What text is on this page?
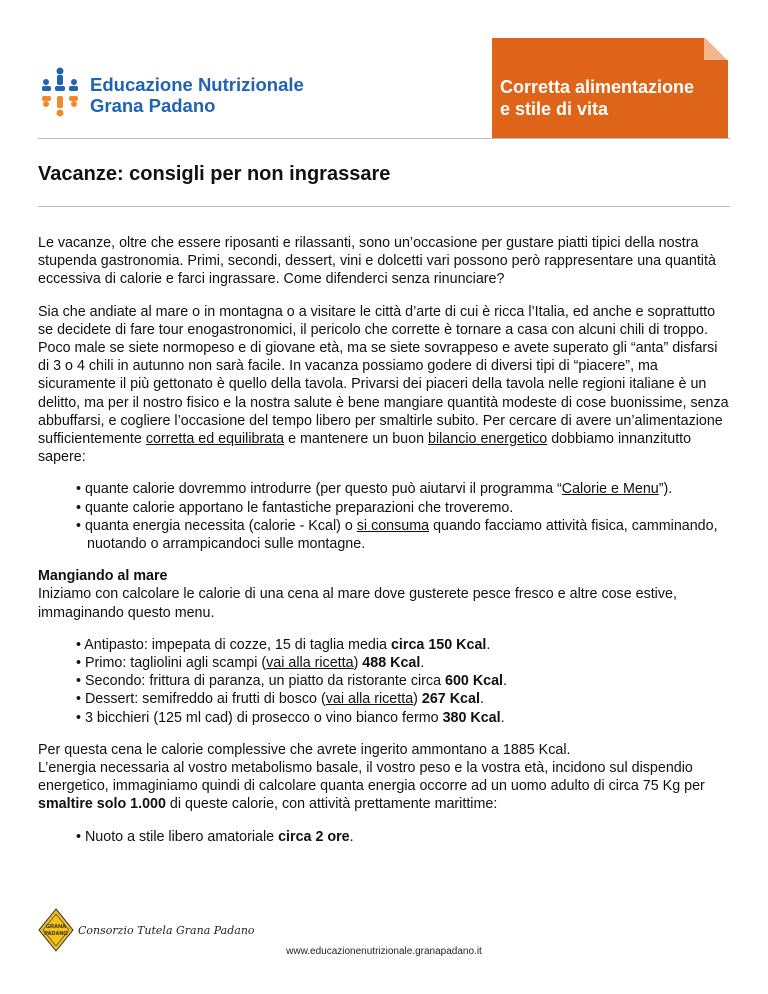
Educazione Nutrizionale
Grana Padano
Corretta alimentazione
e stile di vita
Vacanze: consigli per non ingrassare

Le vacanze, oltre che essere riposanti e rilassanti, sono un’occasione per gustare piatti tipici della nostra stupenda gastronomia. Primi, secondi, dessert, vini e dolcetti vari possono però rappresentare una quantità eccessiva di calorie e farci ingrassare. Come difenderci senza rinunciare?

Sia che andiate al mare o in montagna o a visitare le città d’arte di cui è ricca l’Italia, ed anche e soprattutto se decidete di fare tour enogastronomici, il pericolo che corrette è tornare a casa con alcuni chili di troppo. Poco male se siete normopeso e di giovane età, ma se siete sovrappeso e avete superato gli “anta” disfarsi di 3 o 4 chili in autunno non sarà facile. In vacanza possiamo godere di diversi tipi di “piacere”, ma sicuramente il più gettonato è quello della tavola. Privarsi dei piaceri della tavola nelle regioni italiane è un delitto, ma per il nostro fisico e la nostra salute è bene mangiare quantità modeste di cose buonissime, senza abbuffarsi, e cogliere l’occasione del tempo libero per smaltirle subito. Per cercare di avere un’alimentazione sufficientemente corretta ed equilibrata e mantenere un buon bilancio energetico dobbiamo innanzitutto sapere:

• quante calorie dovremmo introdurre (per questo può aiutarvi il programma “Calorie e Menu”).
• quante calorie apportano le fantastiche preparazioni che troveremo.
• quanta energia necessita (calorie - Kcal) o si consuma quando facciamo attività fisica, camminando, nuotando o arrampicandoci sulle montagne.
Mangiando al mare

Iniziamo con calcolare le calorie di una cena al mare dove gusterete pesce fresco e altre cose estive, immaginando questo menu.

• Antipasto: impepata di cozze, 15 di taglia media circa 150 Kcal.
• Primo: tagliolini agli scampi (vai alla ricetta) 488 Kcal.
• Secondo: frittura di paranza, un piatto da ristorante circa 600 Kcal.
• Dessert: semifreddo ai frutti di bosco (vai alla ricetta) 267 Kcal.
• 3 bicchieri (125 ml cad) di prosecco o vino bianco fermo 380 Kcal.

Per questa cena le calorie complessive che avrete ingerito ammontano a 1885 Kcal.
L’energia necessaria al vostro metabolismo basale, il vostro peso e la vostra età, incidono sul dispendio energetico, immaginiamo quindi di calcolare quanta energia occorre ad un uomo adulto di circa 75 Kg per smaltire solo 1.000 di queste calorie, con attività prettamente marittime:

• Nuoto a stile libero amatoriale circa 2 ore.
GRANA
PADANO Consorzio Tutela Grana Padano
www.educazionenutrizionale.granapadano.it
